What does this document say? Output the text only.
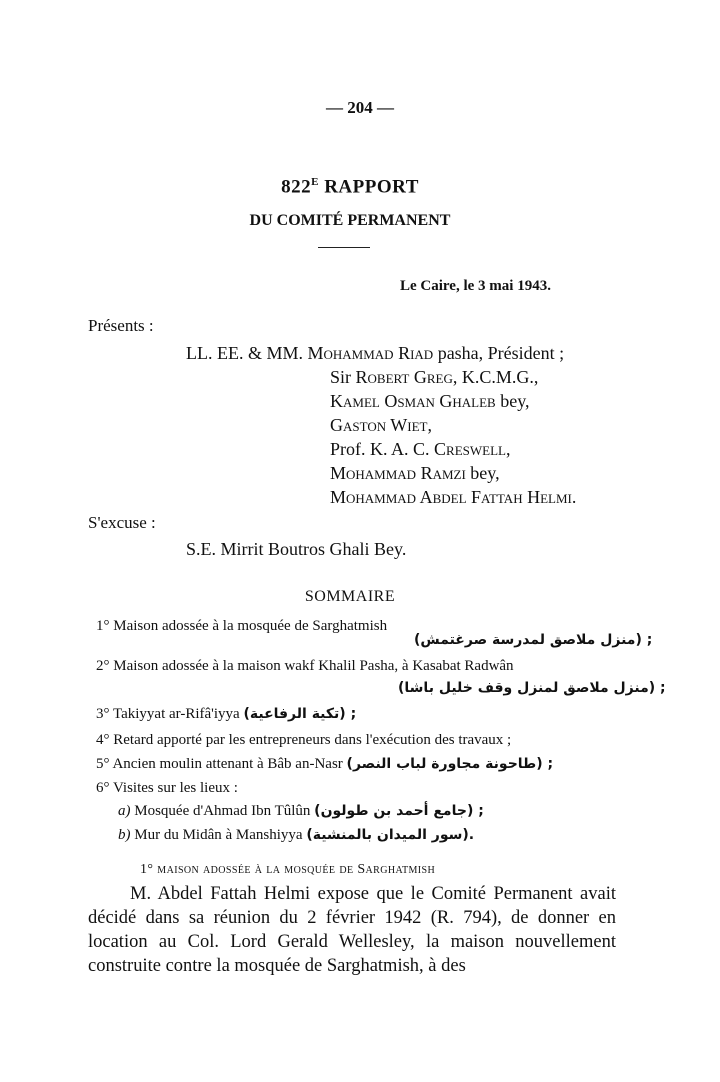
— 204 —
$822^E$ RAPPORT
DU COMITÉ PERMANENT
Le Caire, le 3 mai 1943.
Présents :
LL. EE. & MM. Mohammad Riad pasha, Président ;
Sir Robert Greg, K.C.M.G.,
Kamel Osman Ghaleb bey,
Gaston Wiet,
Prof. K. A. C. Creswell,
Mohammad Ramzi bey,
Mohammad Abdel Fattah Helmi.
S'excuse :
S.E. Mirrit Boutros Ghali Bey.
SOMMAIRE
1° Maison adossée à la mosquée de Sarghatmish
(منزل ملاصق لمدرسة صرغتمش) ;
2° Maison adossée à la maison wakf Khalil Pasha, à Kasabat Radwân
(منزل ملاصق لمنزل وقف خليل باشا) ;
3° Takiyyat ar-Rifâ'iyya (تكية الرفاعية) ;
4° Retard apporté par les entrepreneurs dans l'exécution des travaux ;
5° Ancien moulin attenant à Bâb an-Nasr (طاحونة مجاورة لباب النصر) ;
6° Visites sur les lieux :
a) Mosquée d'Ahmad Ibn Tûlûn (جامع أحمد بن طولون) ;
b) Mur du Midân à Manshiyya (سور الميدان بالمنشية).
1° maison adossée à la mosquée de Sarghatmish

M. Abdel Fattah Helmi expose que le Comité Permanent avait décidé dans sa réunion du 2 février 1942 (R. 794), de donner en location au Col. Lord Gerald Wellesley, la maison nouvellement construite contre la mosquée de Sarghatmish, à des
